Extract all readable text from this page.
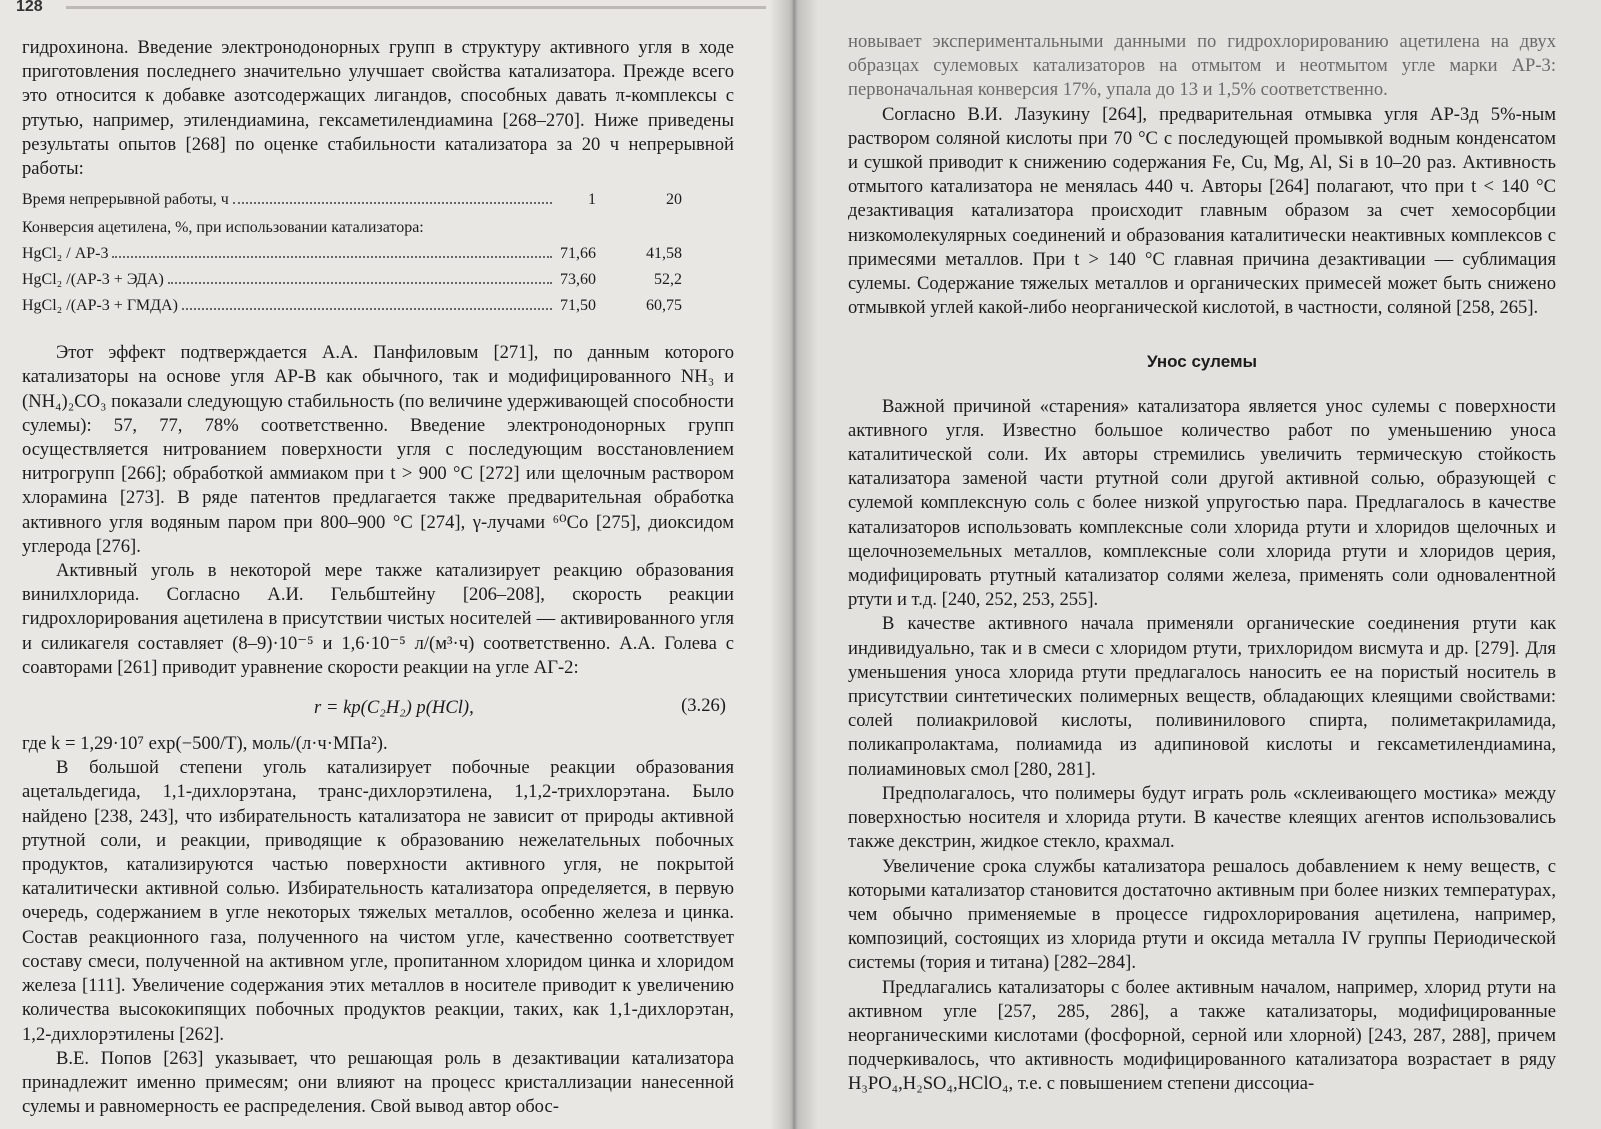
128

гидрохинона. Введение электронодонорных групп в структуру активного угля в ходе приготовления последнего значительно улучшает свойства катализатора. Прежде всего это относится к добавке азотсодержащих лигандов, способных давать π-комплексы с ртутью, например, этилендиамина, гексаметилендиамина [268–270]. Ниже приведены результаты опытов [268] по оценке стабильности катализатора за 20 ч непрерывной работы:

Время непрерывной работы, ч	1	20
Конверсия ацетилена, %, при использовании катализатора:
HgCl₂ / АР-3	71,66	41,58
HgCl₂ /(АР-3 + ЭДА)	73,60	52,2
HgCl₂ /(АР-3 + ГМДА)	71,50	60,75

Этот эффект подтверждается А.А. Панфиловым [271], по данным которого катализаторы на основе угля АР-В как обычного, так и модифицированного NH₃ и (NH₄)₂CO₃ показали следующую стабильность (по величине удерживающей способности сулемы): 57, 77, 78% соответственно. Введение электронодонорных групп осуществляется нитрованием поверхности угля с последующим восстановлением нитрогрупп [266]; обработкой аммиаком при t > 900 °С [272] или щелочным раствором хлорамина [273]. В ряде патентов предлагается также предварительная обработка активного угля водяным паром при 800–900 °С [274], γ-лучами ⁶⁰Со [275], диоксидом углерода [276].

Активный уголь в некоторой мере также катализирует реакцию образования винилхлорида. Согласно А.И. Гельбштейну [206–208], скорость реакции гидрохлорирования ацетилена в присутствии чистых носителей — активированного угля и силикагеля составляет (8–9)·10⁻⁵ и 1,6·10⁻⁵ л/(м³·ч) соответственно. А.А. Голева с соавторами [261] приводит уравнение скорости реакции на угле АГ-2:

r = kp(C₂H₂) p(HCl),	(3.26)

где k = 1,29·10⁷ exp(−500/T), моль/(л·ч·МПа²).

В большой степени уголь катализирует побочные реакции образования ацетальдегида, 1,1-дихлорэтана, транс-дихлорэтилена, 1,1,2-трихлорэтана. Было найдено [238, 243], что избирательность катализатора не зависит от природы активной ртутной соли, и реакции, приводящие к образованию нежелательных побочных продуктов, катализируются частью поверхности активного угля, не покрытой каталитически активной солью. Избирательность катализатора определяется, в первую очередь, содержанием в угле некоторых тяжелых металлов, особенно железа и цинка. Состав реакционного газа, полученного на чистом угле, качественно соответствует составу смеси, полученной на активном угле, пропитанном хлоридом цинка и хлоридом железа [111]. Увеличение содержания этих металлов в носителе приводит к увеличению количества высококипящих побочных продуктов реакции, таких, как 1,1-дихлорэтан, 1,2-дихлорэтилены [262].

В.Е. Попов [263] указывает, что решающая роль в дезактивации катализатора принадлежит именно примесям; они влияют на процесс кристаллизации нанесенной сулемы и равномерность ее распределения. Свой вывод автор обос-

новывает экспериментальными данными по гидрохлорированию ацетилена на двух образцах сулемовых катализаторов на отмытом и неотмытом угле марки АР-3: первоначальная конверсия 17%, упала до 13 и 1,5% соответственно.

Согласно В.И. Лазукину [264], предварительная отмывка угля АР-3д 5%-ным раствором соляной кислоты при 70 °С с последующей промывкой водным конденсатом и сушкой приводит к снижению содержания Fe, Cu, Mg, Al, Si в 10–20 раз. Активность отмытого катализатора не менялась 440 ч. Авторы [264] полагают, что при t < 140 °С дезактивация катализатора происходит главным образом за счет хемосорбции низкомолекулярных соединений и образования каталитически неактивных комплексов с примесями металлов. При t > 140 °С главная причина дезактивации — сублимация сулемы. Содержание тяжелых металлов и органических примесей может быть снижено отмывкой углей какой-либо неорганической кислотой, в частности, соляной [258, 265].

Унос сулемы

Важной причиной «старения» катализатора является унос сулемы с поверхности активного угля. Известно большое количество работ по уменьшению уноса каталитической соли. Их авторы стремились увеличить термическую стойкость катализатора заменой части ртутной соли другой активной солью, образующей с сулемой комплексную соль с более низкой упругостью пара. Предлагалось в качестве катализаторов использовать комплексные соли хлорида ртути и хлоридов щелочных и щелочноземельных металлов, комплексные соли хлорида ртути и хлоридов церия, модифицировать ртутный катализатор солями железа, применять соли одновалентной ртути и т.д. [240, 252, 253, 255].

В качестве активного начала применяли органические соединения ртути как индивидуально, так и в смеси с хлоридом ртути, трихлоридом висмута и др. [279]. Для уменьшения уноса хлорида ртути предлагалось наносить ее на пористый носитель в присутствии синтетических полимерных веществ, обладающих клеящими свойствами: солей полиакриловой кислоты, поливинилового спирта, полиметакриламида, поликапролактама, полиамида из адипиновой кислоты и гексаметилендиамина, полиаминовых смол [280, 281].

Предполагалось, что полимеры будут играть роль «склеивающего мостика» между поверхностью носителя и хлорида ртути. В качестве клеящих агентов использовались также декстрин, жидкое стекло, крахмал.

Увеличение срока службы катализатора решалось добавлением к нему веществ, с которыми катализатор становится достаточно активным при более низких температурах, чем обычно применяемые в процессе гидрохлорирования ацетилена, например, композиций, состоящих из хлорида ртути и оксида металла IV группы Периодической системы (тория и титана) [282–284].

Предлагались катализаторы с более активным началом, например, хлорид ртути на активном угле [257, 285, 286], а также катализаторы, модифицированные неорганическими кислотами (фосфорной, серной или хлорной) [243, 287, 288], причем подчеркивалось, что активность модифицированного катализатора возрастает в ряду H₃PO₄,H₂SO₄,HClO₄, т.е. с повышением степени диссоциа-
